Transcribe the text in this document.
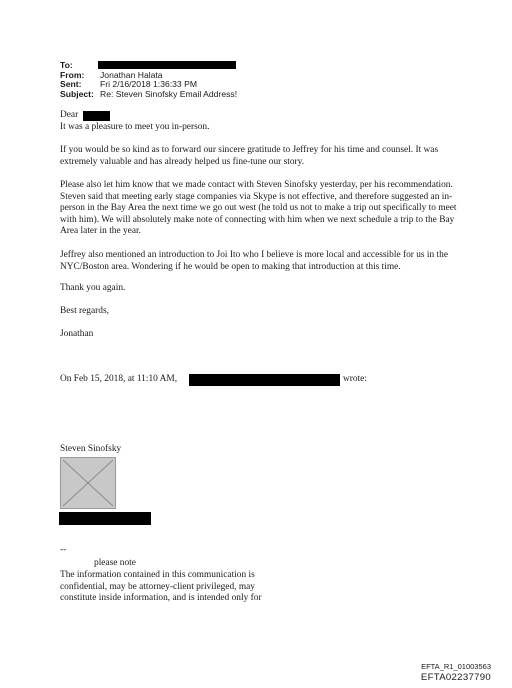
To:
From: Jonathan Halata
Sent: Fri 2/16/2018 1:36:33 PM
Subject: Re: Steven Sinofsky Email Address!
Dear

It was a pleasure to meet you in-person.

If you would be so kind as to forward our sincere gratitude to Jeffrey for his time and counsel. It was extremely valuable and has already helped us fine-tune our story.

Please also let him know that we made contact with Steven Sinofsky yesterday, per his recommendation. Steven said that meeting early stage companies via Skype is not effective, and therefore suggested an in-person in the Bay Area the next time we go out west (he told us not to make a trip out specifically to meet with him). We will absolutely make note of connecting with him when we next schedule a trip to the Bay Area later in the year.

Jeffrey also mentioned an introduction to Joi Ito who I believe is more local and accessible for us in the NYC/Boston area. Wondering if he would be open to making that introduction at this time.

Thank you again.

Best regards,

Jonathan

On Feb 15, 2018, at 11:10 AM,	wrote:
Steven Sinofsky
--
please note

The information contained in this communication is

confidential, may be attorney-client privileged, may

constitute inside information, and is intended only for

EFTA_R1_01003563
EFTA02237790
